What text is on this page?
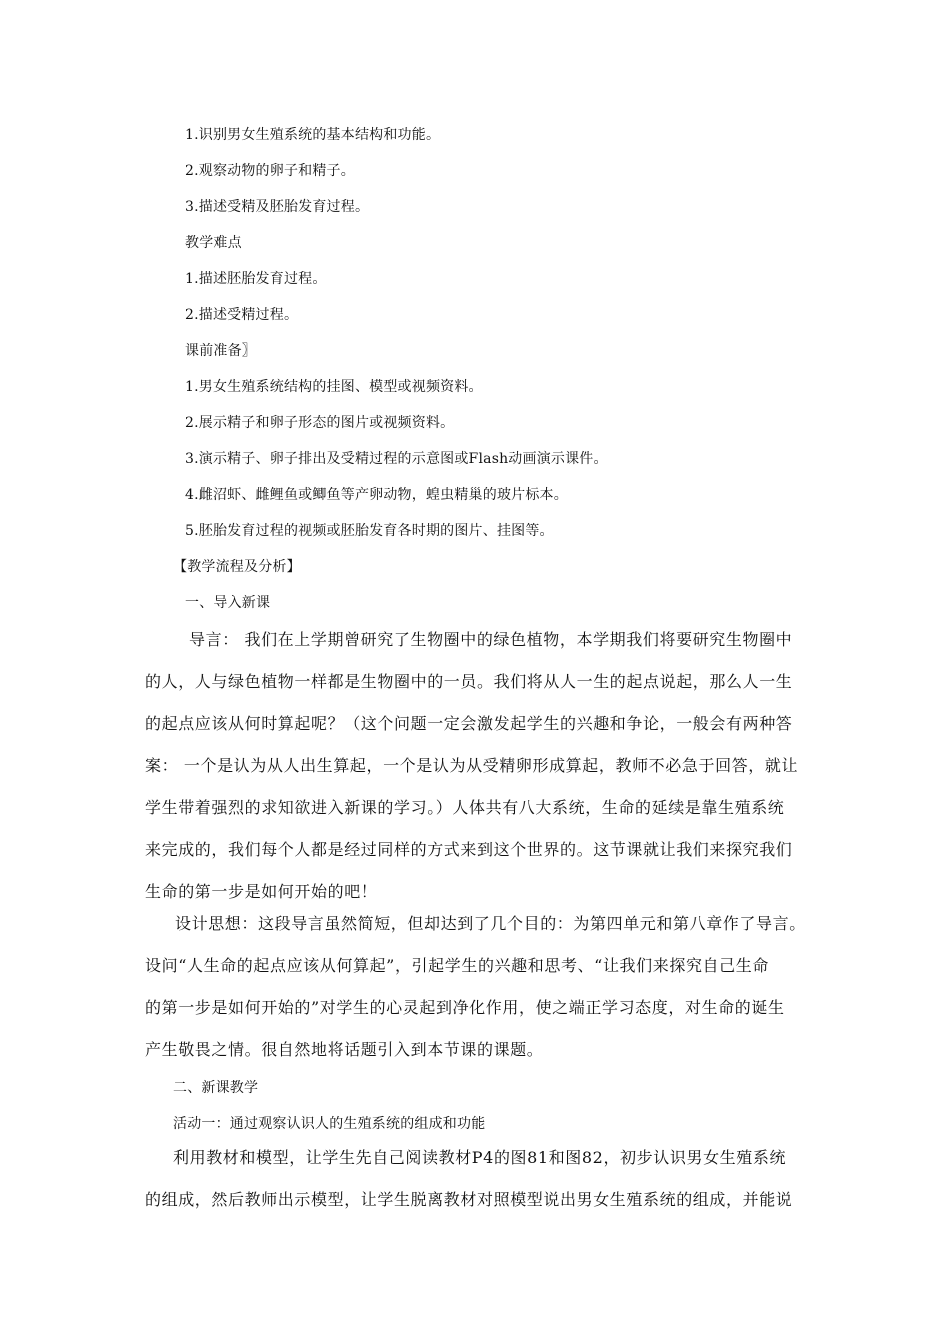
1.识别男女生殖系统的基本结构和功能。

2.观察动物的卵子和精子。

3.描述受精及胚胎发育过程。

教学难点

1.描述胚胎发育过程。

2.描述受精过程。

课前准备〗

1.男女生殖系统结构的挂图、模型或视频资料。

2.展示精子和卵子形态的图片或视频资料。

3.演示精子、卵子排出及受精过程的示意图或Flash动画演示课件。

4.雌沼虾、雌鲤鱼或鲫鱼等产卵动物，蝗虫精巢的玻片标本。

5.胚胎发育过程的视频或胚胎发育各时期的图片、挂图等。

【教学流程及分析】

一、导入新课

导言： 我们在上学期曾研究了生物圈中的绿色植物，本学期我们将要研究生物圈中

的人，人与绿色植物一样都是生物圈中的一员。我们将从人一生的起点说起，那么人一生

的起点应该从何时算起呢？（这个问题一定会激发起学生的兴趣和争论，一般会有两种答

案： 一个是认为从人出生算起，一个是认为从受精卵形成算起，教师不必急于回答，就让

学生带着强烈的求知欲进入新课的学习。）人体共有八大系统，生命的延续是靠生殖系统

来完成的，我们每个人都是经过同样的方式来到这个世界的。这节课就让我们来探究我们

生命的第一步是如何开始的吧！

设计思想：这段导言虽然简短，但却达到了几个目的：为第四单元和第八章作了导言。

设问“人生命的起点应该从何算起”，引起学生的兴趣和思考、“让我们来探究自己生命

的第一步是如何开始的”对学生的心灵起到净化作用，使之端正学习态度，对生命的诞生

产生敬畏之情。很自然地将话题引入到本节课的课题。

二、新课教学

活动一：通过观察认识人的生殖系统的组成和功能

利用教材和模型，让学生先自己阅读教材P4的图81和图82，初步认识男女生殖系统

的组成，然后教师出示模型，让学生脱离教材对照模型说出男女生殖系统的组成，并能说
